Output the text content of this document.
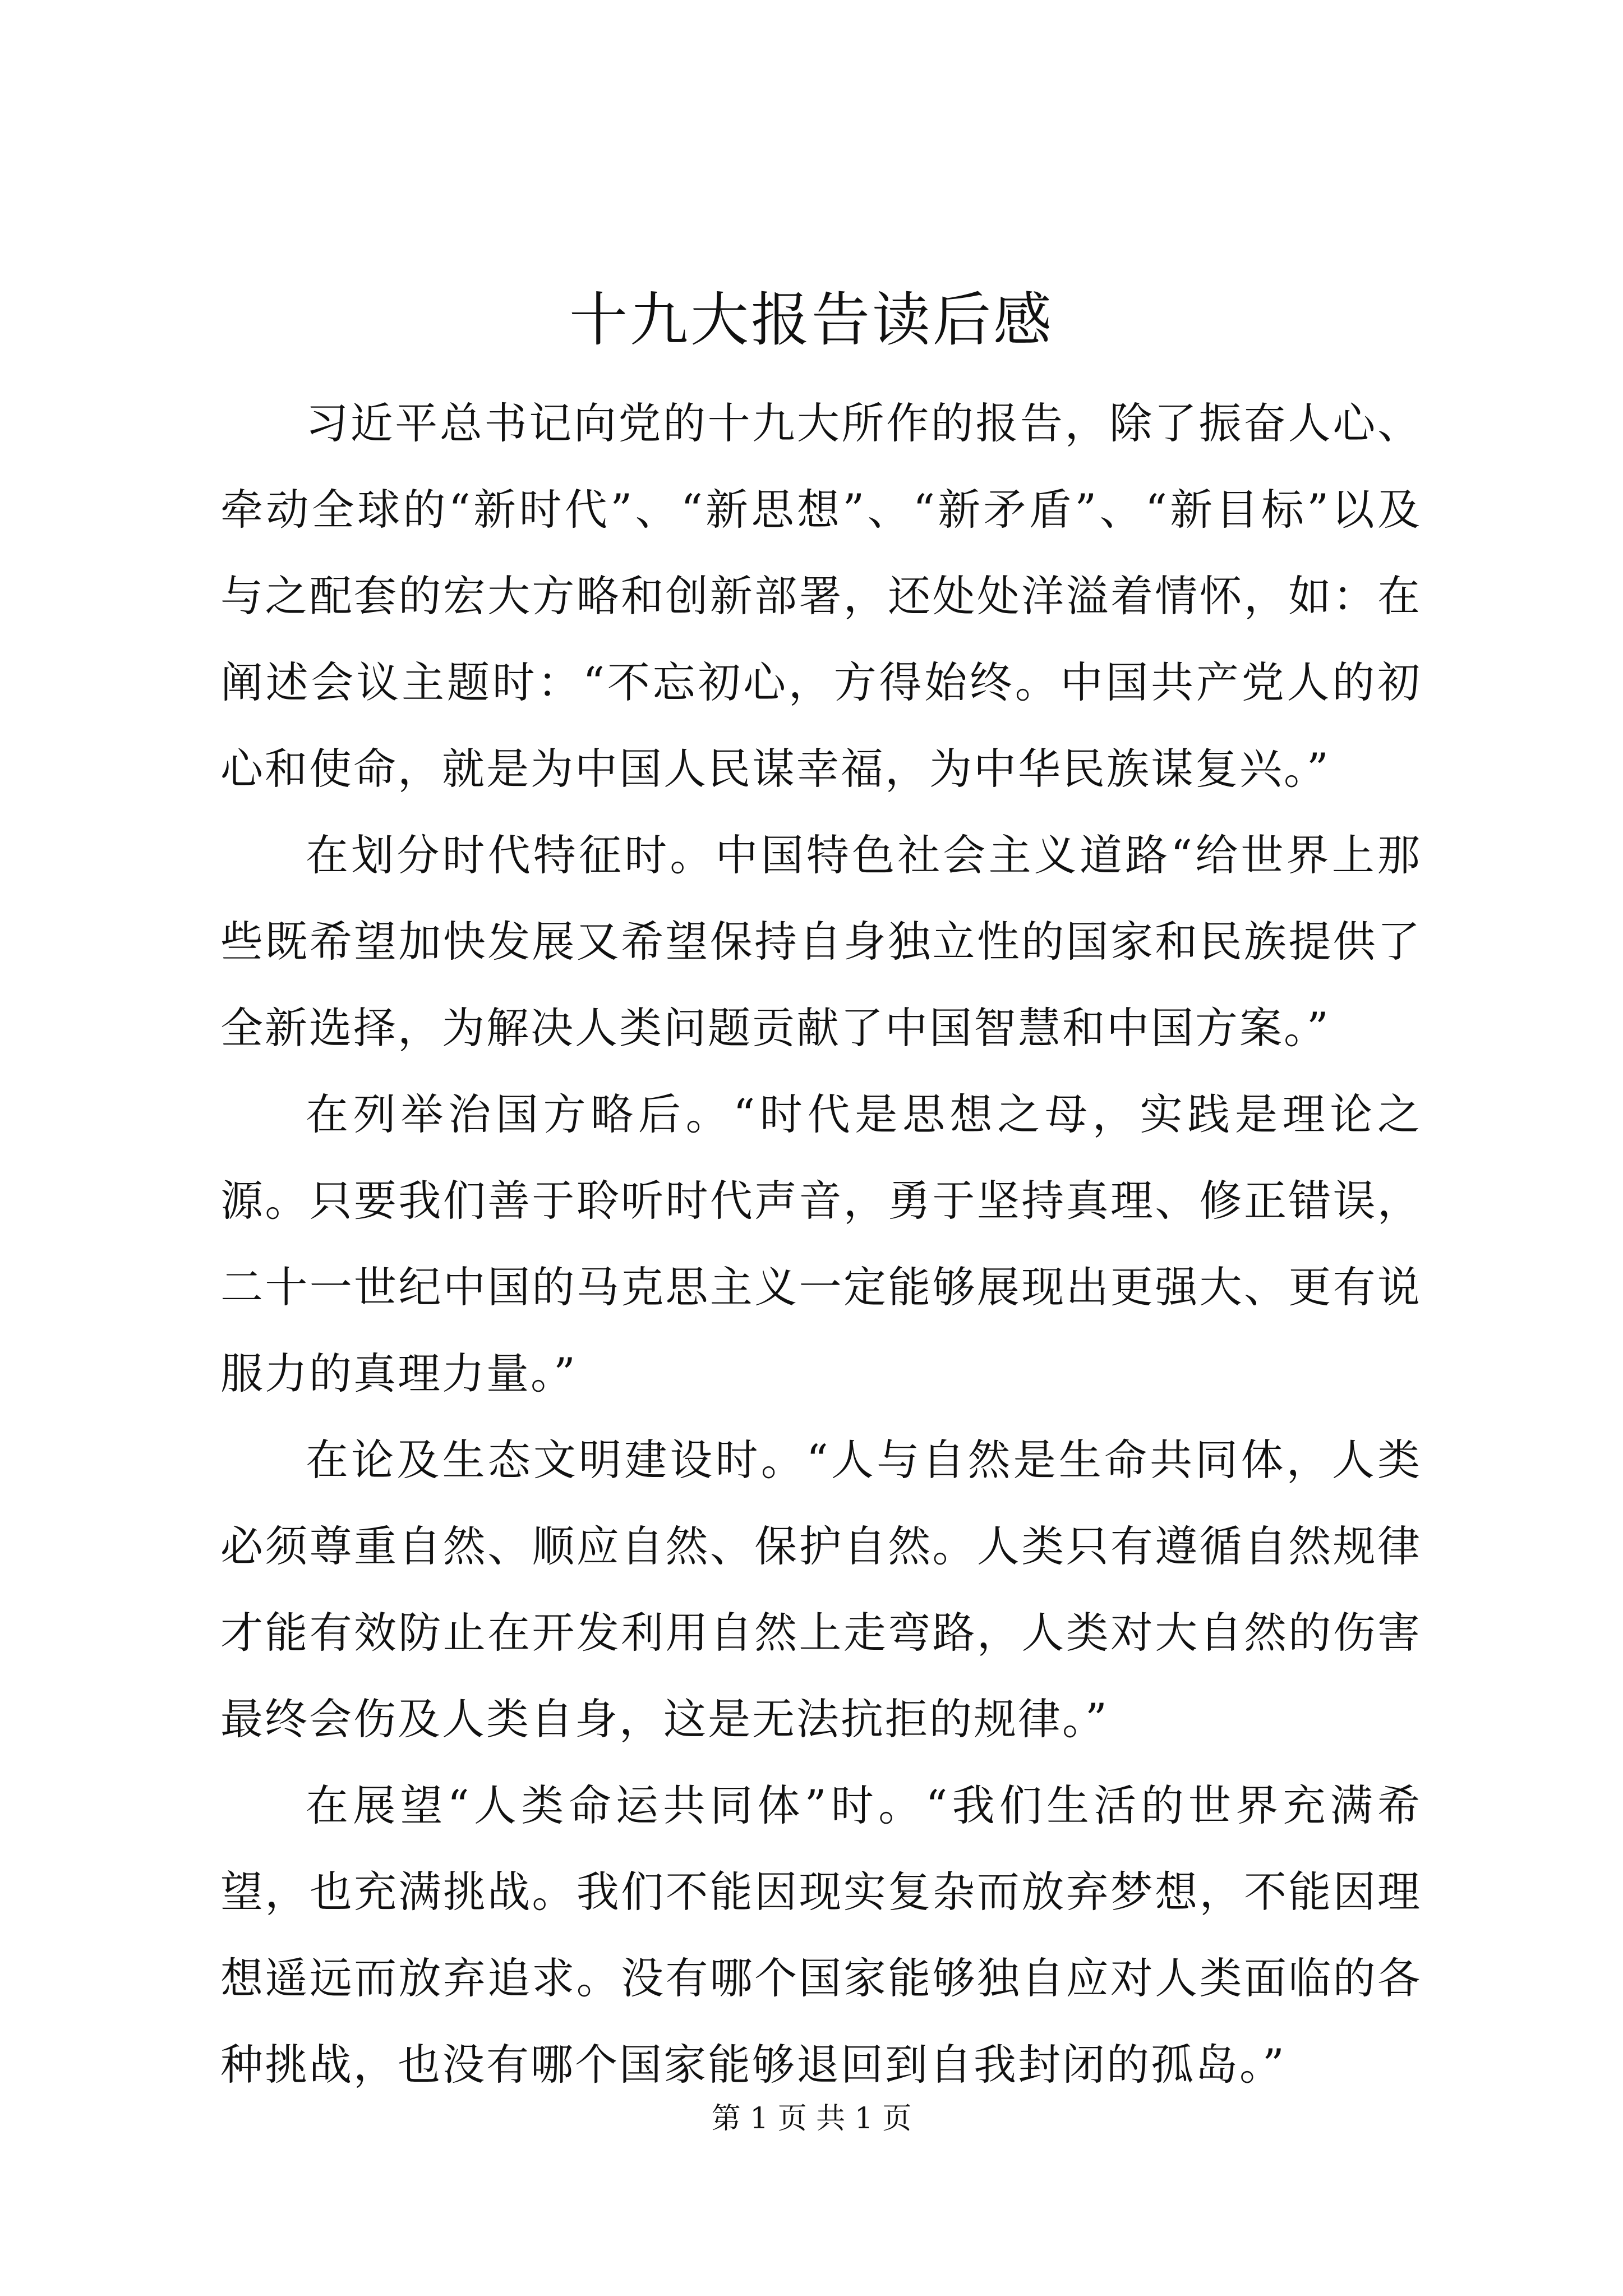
十九大报告读后感

习近平总书记向党的十九大所作的报告，除了振奋人心、牵动全球的“新时代”、“新思想”、“新矛盾”、“新目标”以及与之配套的宏大方略和创新部署，还处处洋溢着情怀，如：在阐述会议主题时：“不忘初心，方得始终。中国共产党人的初心和使命，就是为中国人民谋幸福，为中华民族谋复兴。”

在划分时代特征时。中国特色社会主义道路“给世界上那些既希望加快发展又希望保持自身独立性的国家和民族提供了全新选择，为解决人类问题贡献了中国智慧和中国方案。”

在列举治国方略后。“时代是思想之母，实践是理论之源。只要我们善于聆听时代声音，勇于坚持真理、修正错误，二十一世纪中国的马克思主义一定能够展现出更强大、更有说服力的真理力量。”

在论及生态文明建设时。“人与自然是生命共同体，人类必须尊重自然、顺应自然、保护自然。人类只有遵循自然规律才能有效防止在开发利用自然上走弯路，人类对大自然的伤害最终会伤及人类自身，这是无法抗拒的规律。”

在展望“人类命运共同体”时。“我们生活的世界充满希望，也充满挑战。我们不能因现实复杂而放弃梦想，不能因理想遥远而放弃追求。没有哪个国家能够独自应对人类面临的各种挑战，也没有哪个国家能够退回到自我封闭的孤岛。”

第 1 页 共 1 页
